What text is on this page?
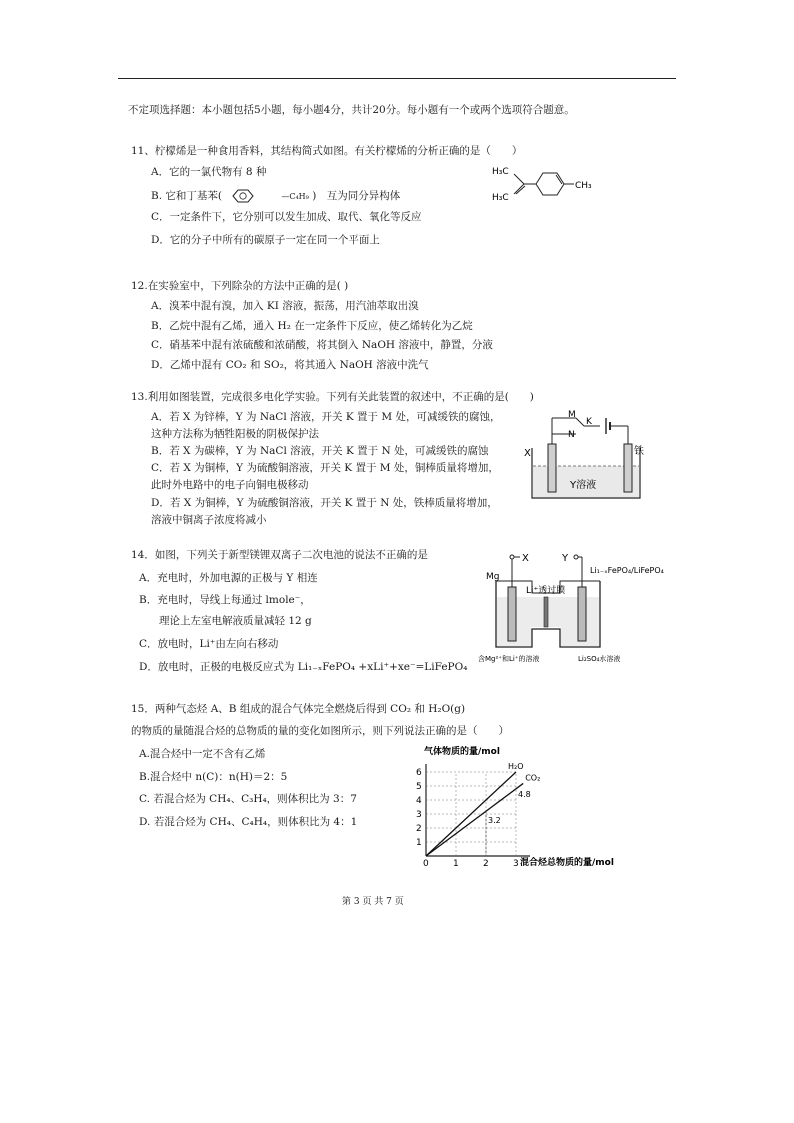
不定项选择题：本小题包括5小题，每小题4分，共计20分。每小题有一个或两个选项符合题意。
11、柠檬烯是一种食用香料，其结构简式如图。有关柠檬烯的分析正确的是（　　）
A．它的一氯代物有 8 种
B. 它和丁基苯(	—C₄H₉ )　互为同分异构体
C．一定条件下，它分别可以发生加成、取代、氧化等反应
D．它的分子中所有的碳原子一定在同一个平面上
H₃C
H₃C
CH₃
12.在实验室中，下列除杂的方法中正确的是( )
A．溴苯中混有溴，加入 KI 溶液，振荡，用汽油萃取出溴
B．乙烷中混有乙烯，通入 H₂ 在一定条件下反应，使乙烯转化为乙烷
C．硝基苯中混有浓硫酸和浓硝酸，将其倒入 NaOH 溶液中，静置，分液
D．乙烯中混有 CO₂ 和 SO₂，将其通入 NaOH 溶液中洗气
13.利用如图装置，完成很多电化学实验。下列有关此装置的叙述中，不正确的是(　　)
A．若 X 为锌棒，Y 为 NaCl 溶液，开关 K 置于 M 处，可减缓铁的腐蚀，
这种方法称为牺牲阳极的阴极保护法
B．若 X 为碳棒，Y 为 NaCl 溶液，开关 K 置于 N 处，可减缓铁的腐蚀
C．若 X 为铜棒，Y 为硫酸铜溶液，开关 K 置于 M 处，铜棒质量将增加，
此时外电路中的电子向铜电极移动
D．若 X 为铜棒，Y 为硫酸铜溶液，开关 K 置于 N 处，铁棒质量将增加，
溶液中铜离子浓度将减小
M
N
K
X	铁
Y溶液
14．如图，下列关于新型镁锂双离子二次电池的说法不正确的是
A．充电时，外加电源的正极与 Y 相连
B．充电时，导线上每通过 lmole⁻，
理论上左室电解液质量减轻 12 g
C．放电时，Li⁺由左向右移动
D．放电时，正极的电极反应式为 Li₁₋ₓFePO₄ +xLi⁺+xe⁻=LiFePO₄
X	Y
Mg
Li₁₋ₓFePO₄/LiFePO₄
Li⁺透过膜
含Mg²⁺和Li⁺的溶液	Li₂SO₄水溶液
15．两种气态烃 A、B 组成的混合气体完全燃烧后得到 CO₂ 和 H₂O(g)
的物质的量随混合烃的总物质的量的变化如图所示，则下列说法正确的是（　　）
A.混合烃中一定不含有乙烯
B.混合烃中 n(C)：n(H)＝2：5
C. 若混合烃为 CH₄、C₃H₄，则体积比为 3：7
D. 若混合烃为 CH₄、C₄H₄，则体积比为 4：1
气体物质的量/mol
混合烃总物质的量/mol
0	1	2	3
1
2
3
4
5
6
H₂O
CO₂
4.8
3.2
第 3 页 共 7 页
